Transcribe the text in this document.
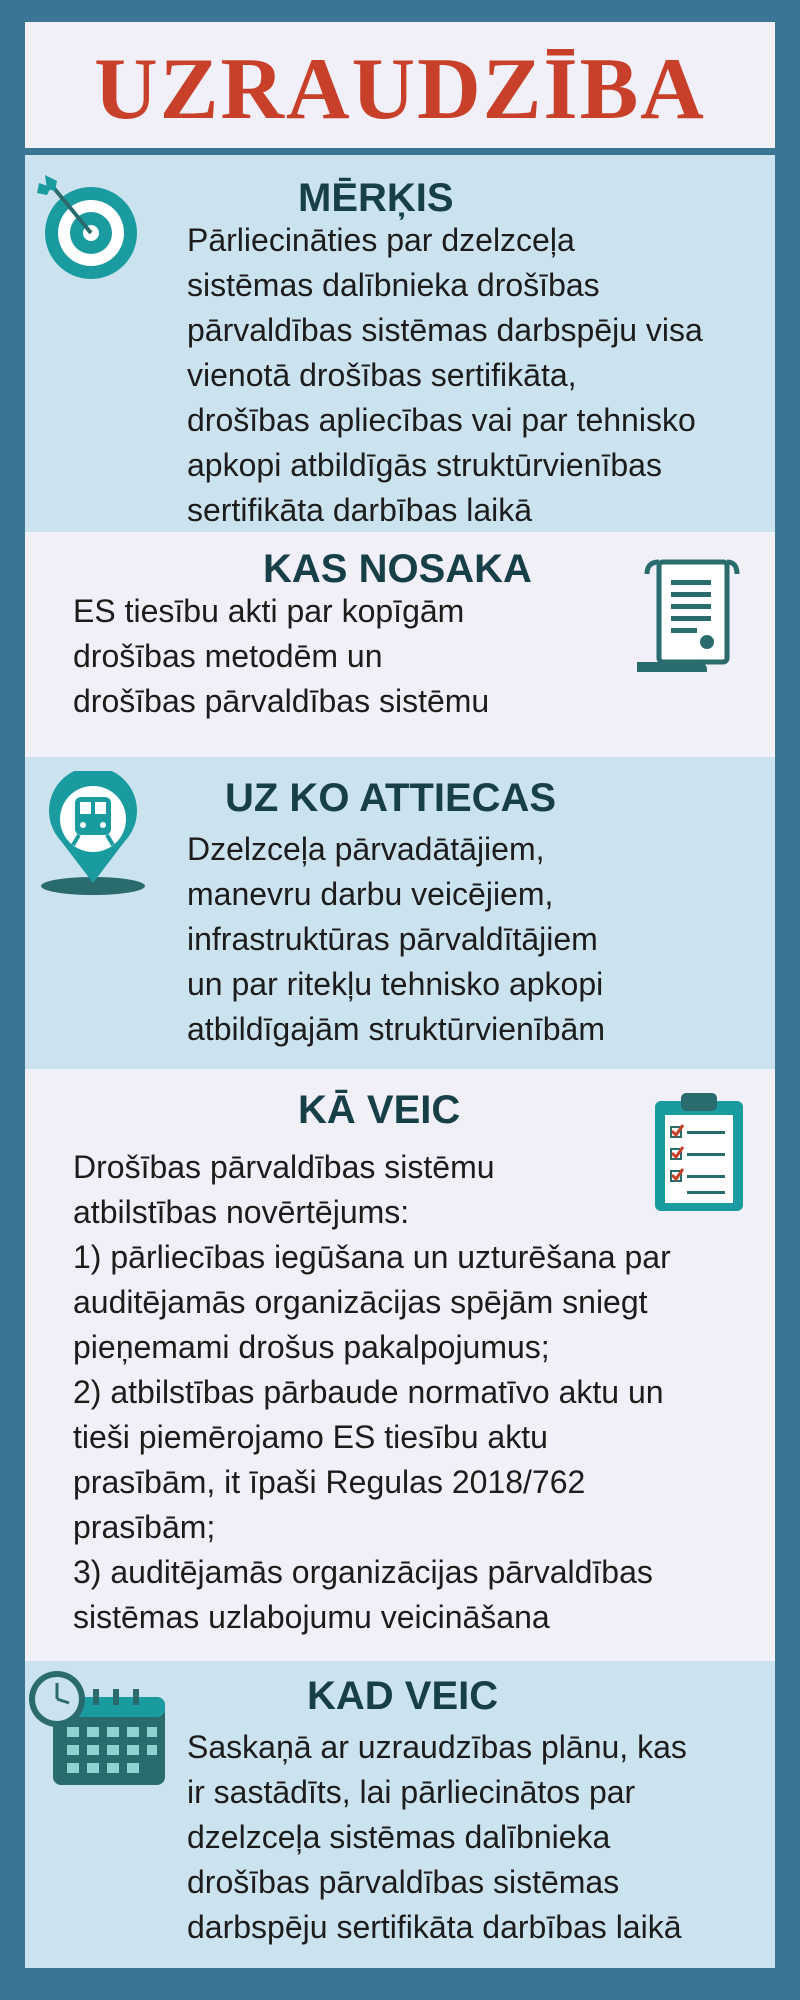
UZRAUDZĪBA
MĒRĶIS

Pārliecināties par dzelzceļa
sistēmas dalībnieka drošības
pārvaldības sistēmas darbspēju visa
vienotā drošības sertifikāta,
drošības apliecības vai par tehnisko
apkopi atbildīgās struktūrvienības
sertifikāta darbības laikā

KAS NOSAKA

ES tiesību akti par kopīgām
drošības metodēm un
drošības pārvaldības sistēmu

UZ KO ATTIECAS

Dzelzceļa pārvadātājiem,
manevru darbu veicējiem,
infrastruktūras pārvaldītājiem
un par ritekļu tehnisko apkopi
atbildīgajām struktūrvienībām

KĀ VEIC

Drošības pārvaldības sistēmu
atbilstības novērtējums:
1) pārliecības iegūšana un uzturēšana par
auditējamās organizācijas spējām sniegt
pieņemami drošus pakalpojumus;
2) atbilstības pārbaude normatīvo aktu un
tieši piemērojamo ES tiesību aktu
prasībām, it īpaši Regulas 2018/762
prasībām;
3) auditējamās organizācijas pārvaldības
sistēmas uzlabojumu veicināšana

KAD VEIC

Saskaņā ar uzraudzības plānu, kas
ir sastādīts, lai pārliecinātos par
dzelzceļa sistēmas dalībnieka
drošības pārvaldības sistēmas
darbspēju sertifikāta darbības laikā
